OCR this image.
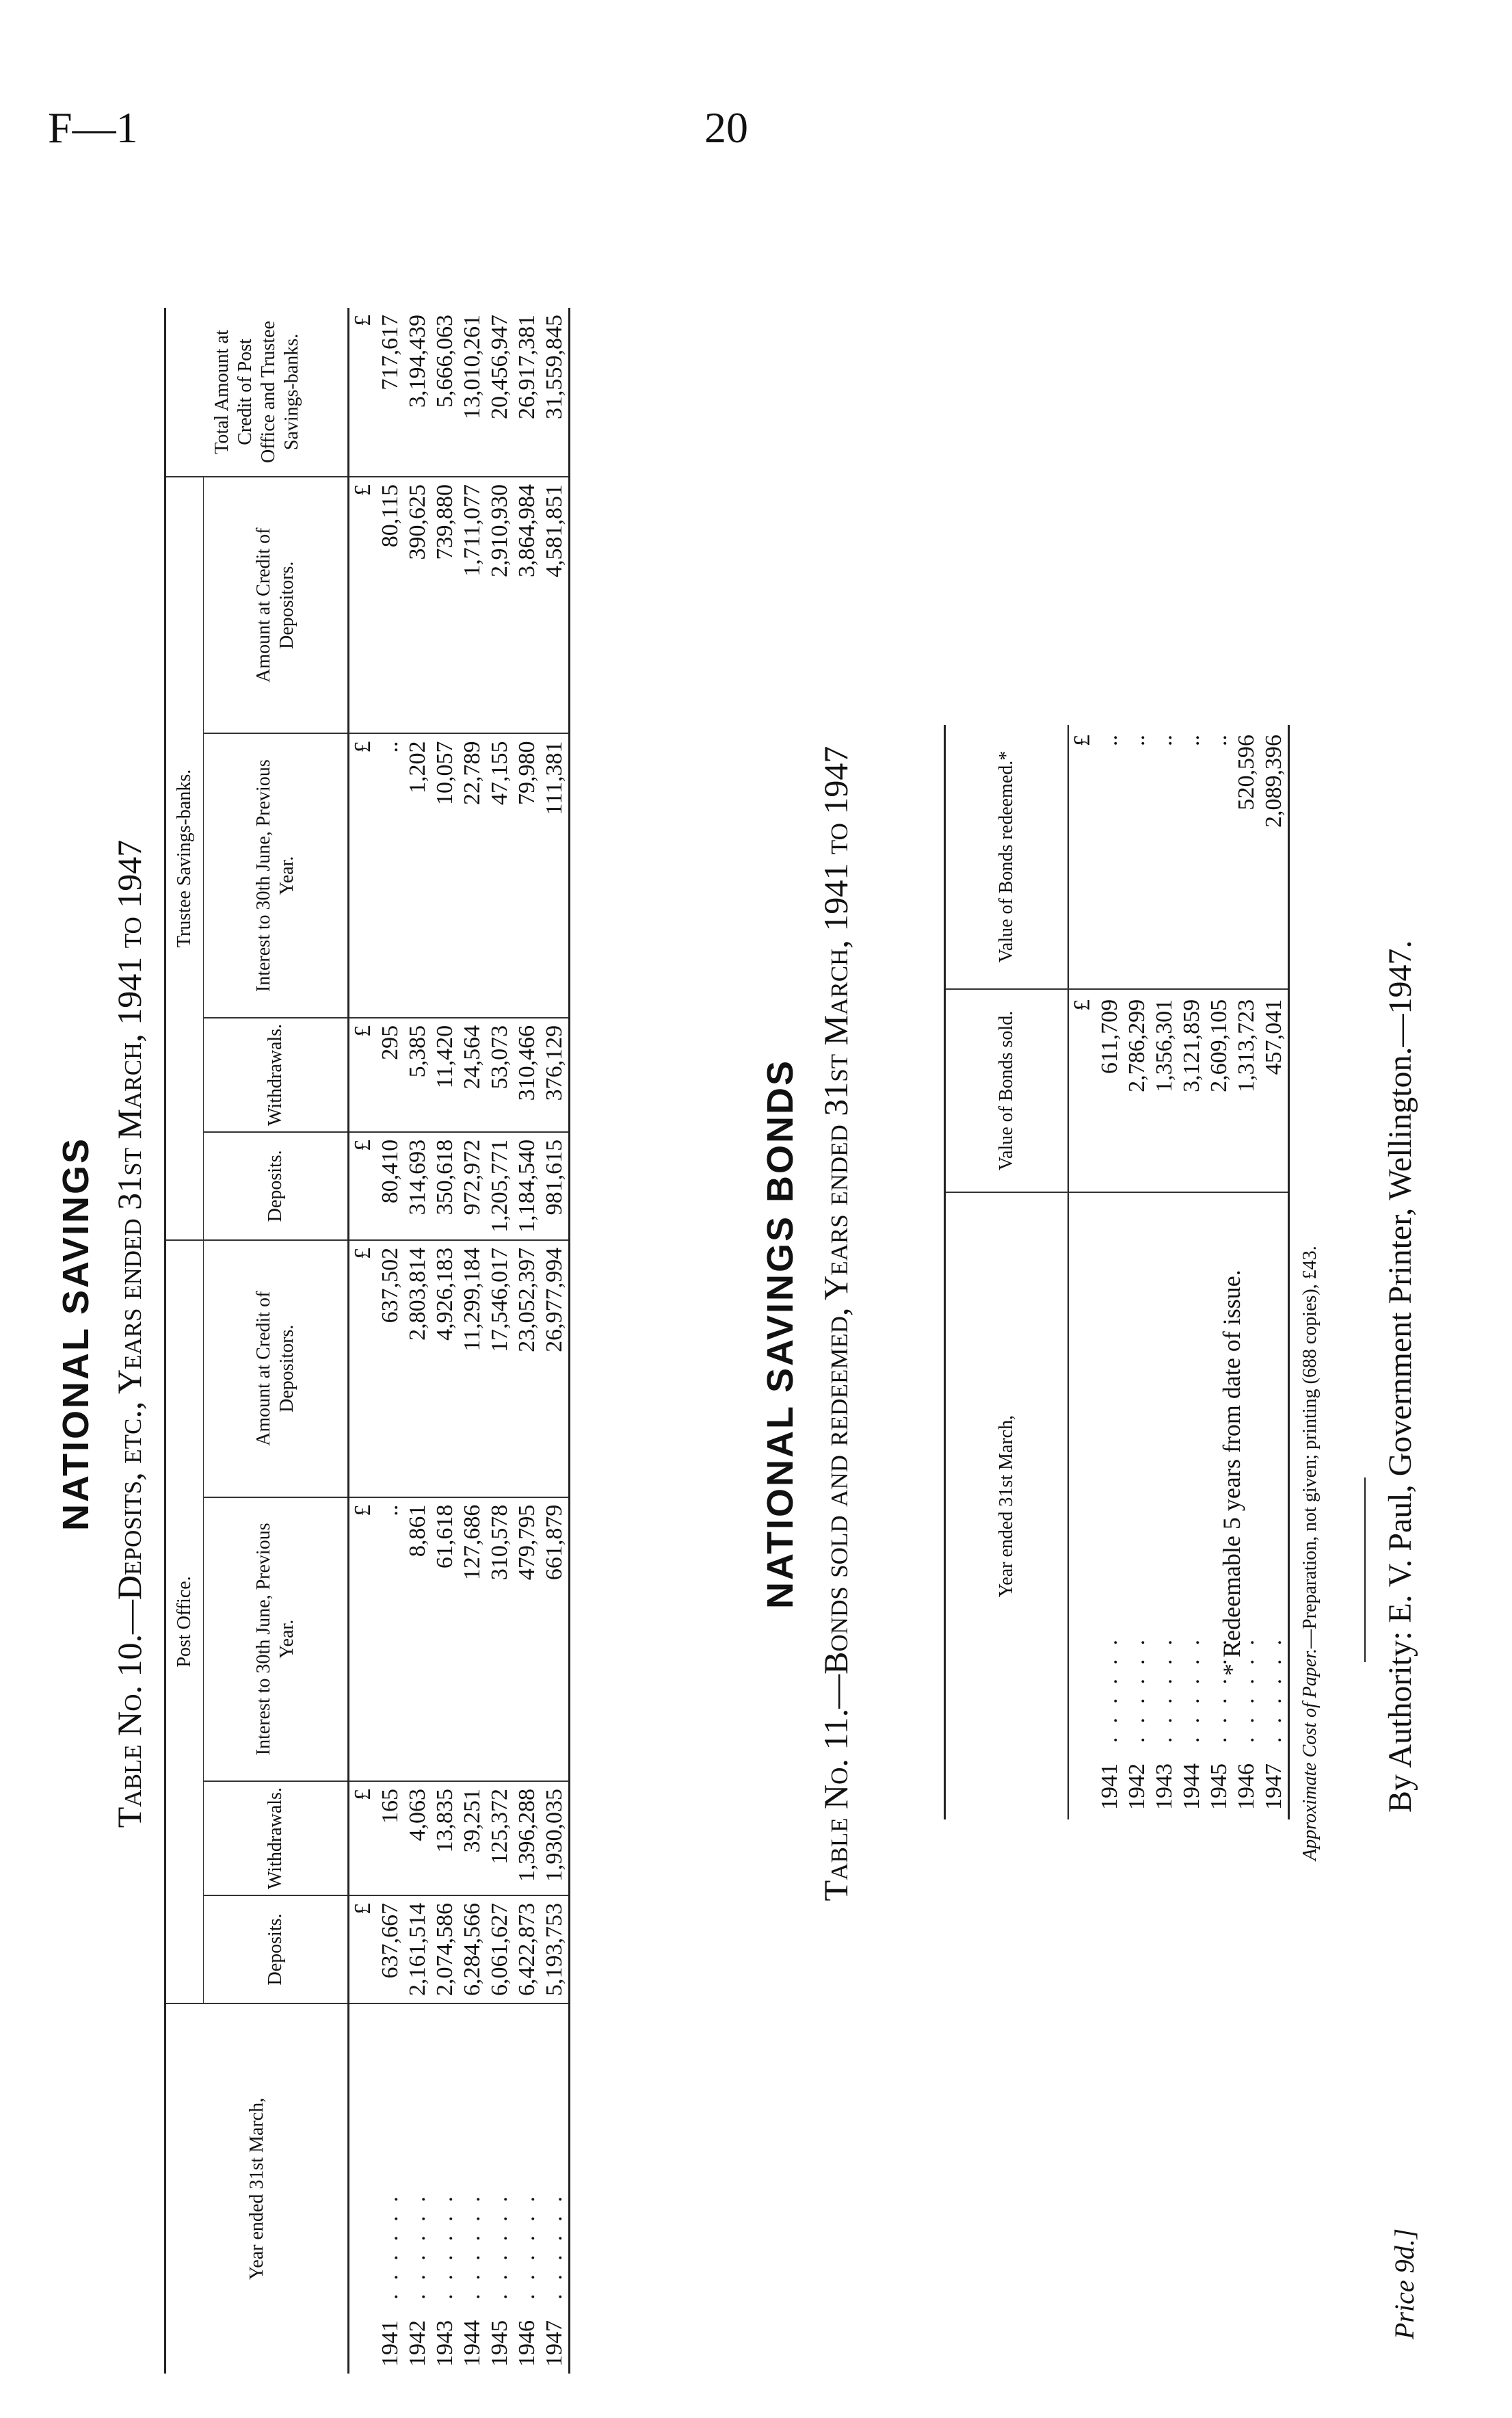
F—1	20
NATIONAL SAVINGS Table No. 10.—Deposits, etc., Years ended 31st March, 1941 to 1947
Year ended 31st March,	Post Office.				Trustee Savings-banks.				Total Amount at Credit of Post Office and Trustee Savings-banks.
	Deposits.	Withdrawals.	Interest to 30th June, Previous Year.	Amount at Credit of Depositors.	Deposits.	Withdrawals.	Interest to 30th June, Previous Year.	Amount at Credit of Depositors.	
	£	£	£	£	£	£	£	£	£
1941......	637,667	165	..	637,502	80,410	295	..	80,115	717,617
1942......	2,161,514	4,063	8,861	2,803,814	314,693	5,385	1,202	390,625	3,194,439
1943......	2,074,586	13,835	61,618	4,926,183	350,618	11,420	10,057	739,880	5,666,063
1944......	6,284,566	39,251	127,686	11,299,184	972,972	24,564	22,789	1,711,077	13,010,261
1945......	6,061,627	125,372	310,578	17,546,017	1,205,771	53,073	47,155	2,910,930	20,456,947
1946......	6,422,873	1,396,288	479,795	23,052,397	1,184,540	310,466	79,980	3,864,984	26,917,381
1947......	5,193,753	1,930,035	661,879	26,977,994	981,615	376,129	111,381	4,581,851	31,559,845
NATIONAL SAVINGS BONDS Table No. 11.—Bonds sold and redeemed, Years ended 31st March, 1941 to 1947	Year ended 31st March,	Value of Bonds sold.	Value of Bonds redeemed.*
	£	£
1941......	611,709	..
1942......	2,786,299	..
1943......	1,356,301	..
1944......	3,121,859	..
1945......	2,609,105	..
1946......	1,313,723	520,596
1947......	457,041	2,089,396
* Redeemable 5 years from date of issue.
Approximate Cost of Paper.—Preparation, not given; printing (688 copies), £43. By Authority: E. V. Paul, Government Printer, Wellington.—1947.
Price 9d.]
